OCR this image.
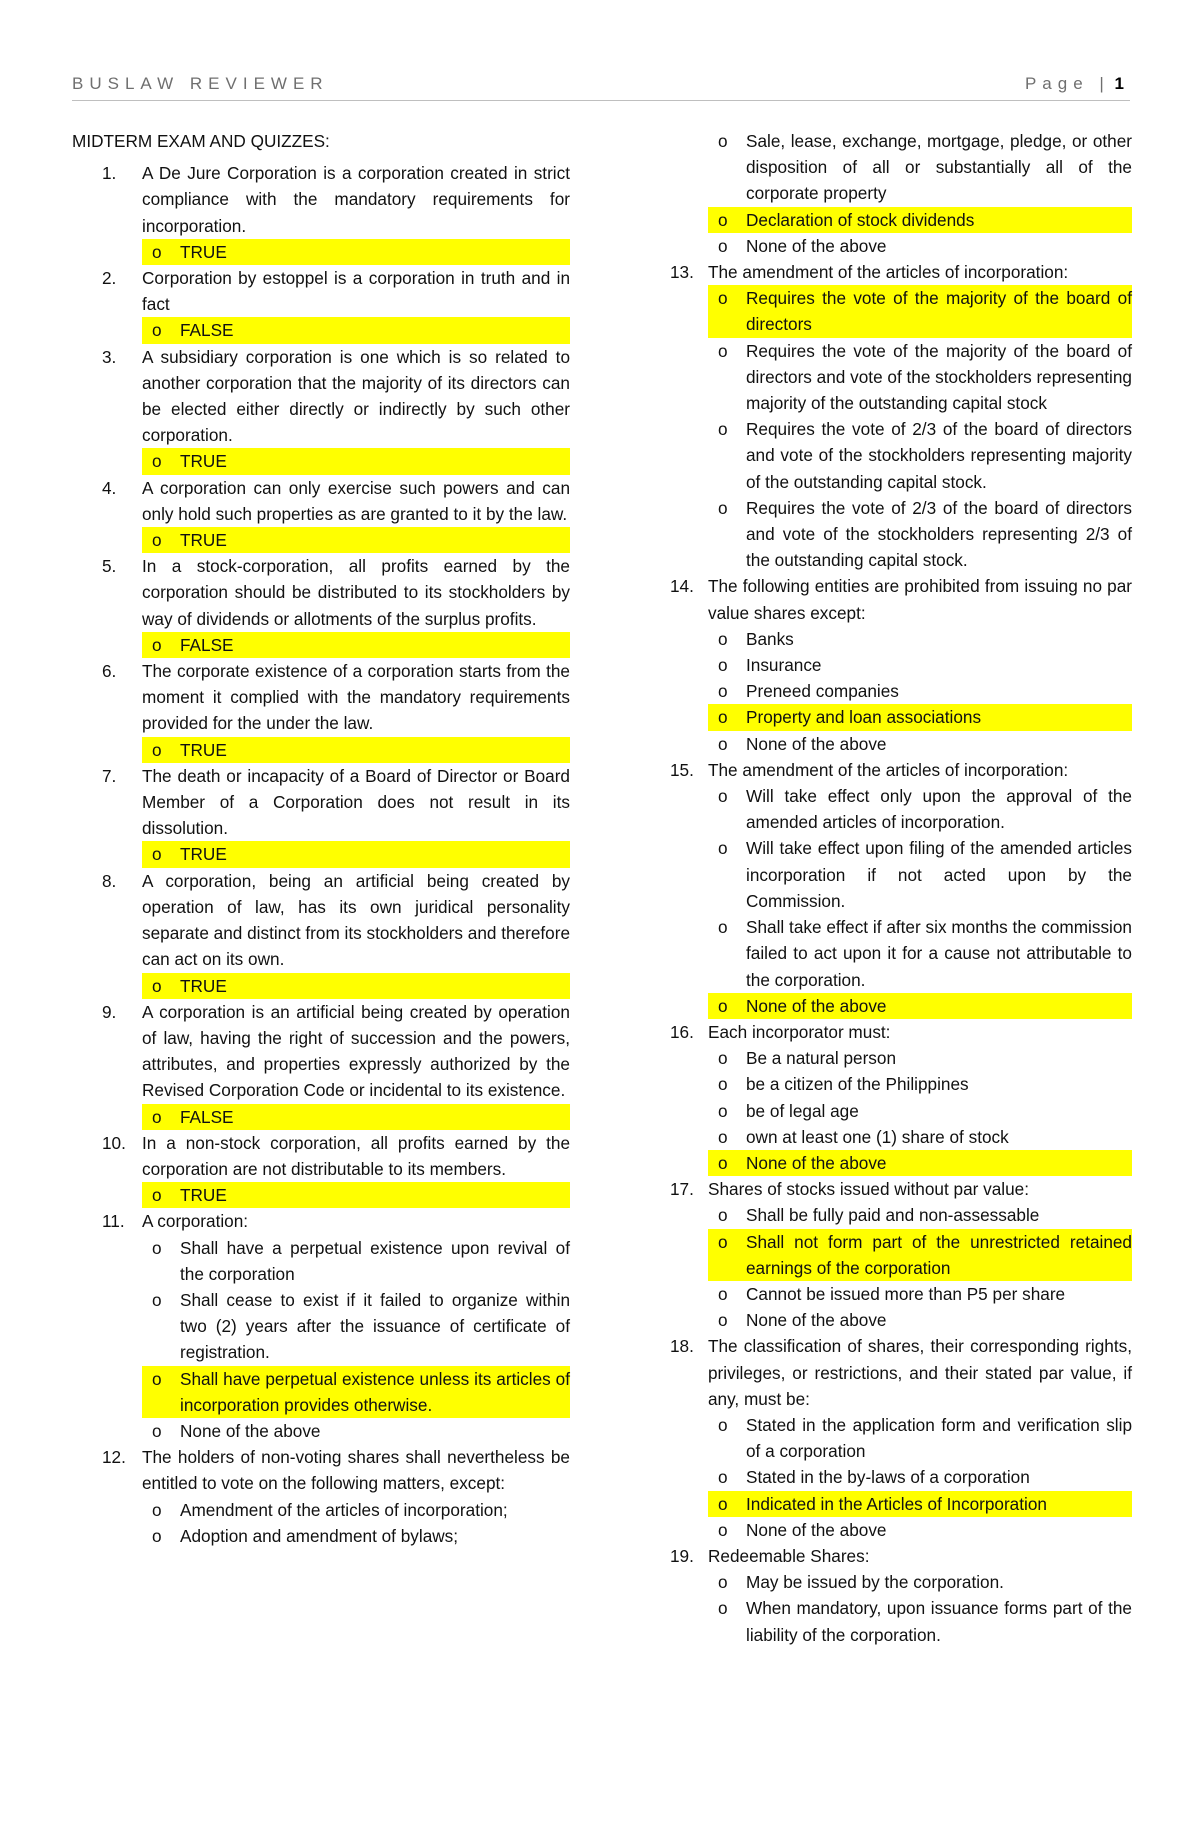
BUSLAW REVIEWER	Page | 1
MIDTERM EXAM AND QUIZZES:
1. A De Jure Corporation is a corporation created in strict compliance with the mandatory requirements for incorporation.
o TRUE
2. Corporation by estoppel is a corporation in truth and in fact
o FALSE
3. A subsidiary corporation is one which is so related to another corporation that the majority of its directors can be elected either directly or indirectly by such other corporation.
o TRUE
4. A corporation can only exercise such powers and can only hold such properties as are granted to it by the law.
o TRUE
5. In a stock-corporation, all profits earned by the corporation should be distributed to its stockholders by way of dividends or allotments of the surplus profits.
o FALSE
6. The corporate existence of a corporation starts from the moment it complied with the mandatory requirements provided for the under the law.
o TRUE
7. The death or incapacity of a Board of Director or Board Member of a Corporation does not result in its dissolution.
o TRUE
8. A corporation, being an artificial being created by operation of law, has its own juridical personality separate and distinct from its stockholders and therefore can act on its own.
o TRUE
9. A corporation is an artificial being created by operation of law, having the right of succession and the powers, attributes, and properties expressly authorized by the Revised Corporation Code or incidental to its existence.
o FALSE
10. In a non-stock corporation, all profits earned by the corporation are not distributable to its members.
o TRUE
11. A corporation:
o Shall have a perpetual existence upon revival of the corporation
o Shall cease to exist if it failed to organize within two (2) years after the issuance of certificate of registration.
o Shall have perpetual existence unless its articles of incorporation provides otherwise.
o None of the above
12. The holders of non-voting shares shall nevertheless be entitled to vote on the following matters, except:
o Amendment of the articles of incorporation;
o Adoption and amendment of bylaws;
o Sale, lease, exchange, mortgage, pledge, or other disposition of all or substantially all of the corporate property
o Declaration of stock dividends
o None of the above
13. The amendment of the articles of incorporation:
o Requires the vote of the majority of the board of directors
o Requires the vote of the majority of the board of directors and vote of the stockholders representing majority of the outstanding capital stock
o Requires the vote of 2/3 of the board of directors and vote of the stockholders representing majority of the outstanding capital stock.
o Requires the vote of 2/3 of the board of directors and vote of the stockholders representing 2/3 of the outstanding capital stock.
14. The following entities are prohibited from issuing no par value shares except:
o Banks
o Insurance
o Preneed companies
o Property and loan associations
o None of the above
15. The amendment of the articles of incorporation:
o Will take effect only upon the approval of the amended articles of incorporation.
o Will take effect upon filing of the amended articles incorporation if not acted upon by the Commission.
o Shall take effect if after six months the commission failed to act upon it for a cause not attributable to the corporation.
o None of the above
16. Each incorporator must:
o Be a natural person
o be a citizen of the Philippines
o be of legal age
o own at least one (1) share of stock
o None of the above
17. Shares of stocks issued without par value:
o Shall be fully paid and non-assessable
o Shall not form part of the unrestricted retained earnings of the corporation
o Cannot be issued more than P5 per share
o None of the above
18. The classification of shares, their corresponding rights, privileges, or restrictions, and their stated par value, if any, must be:
o Stated in the application form and verification slip of a corporation
o Stated in the by-laws of a corporation
o Indicated in the Articles of Incorporation
o None of the above
19. Redeemable Shares:
o May be issued by the corporation.
o When mandatory, upon issuance forms part of the liability of the corporation.
